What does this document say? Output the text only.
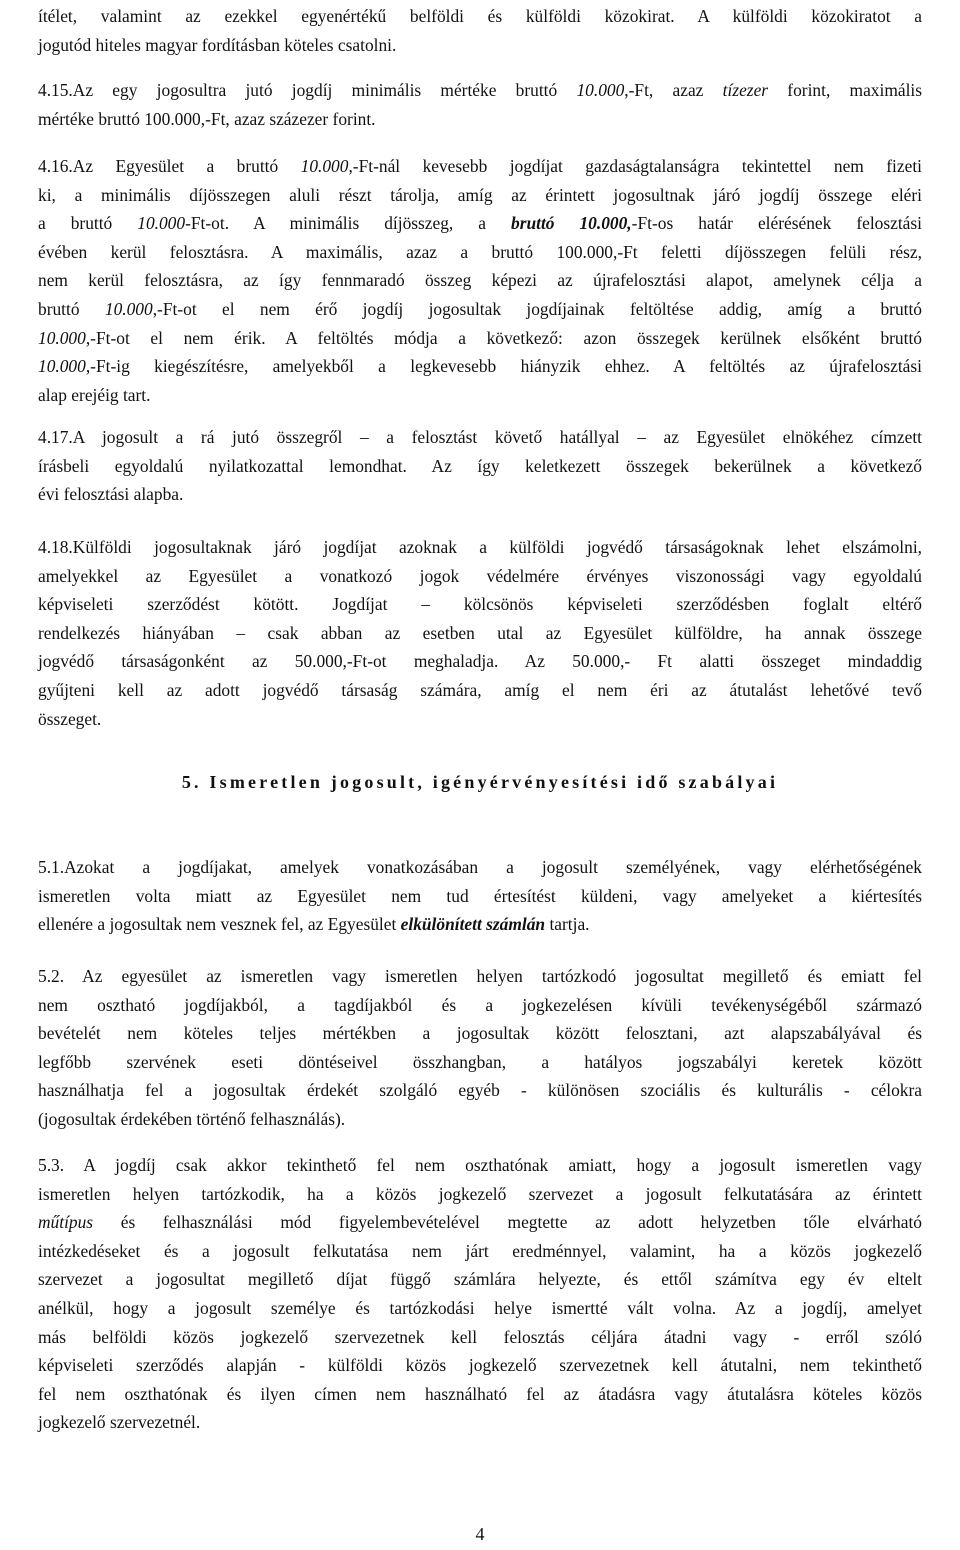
ítélet, valamint az ezekkel egyenértékű belföldi és külföldi közokirat. A külföldi közokiratot a
jogutód hiteles magyar fordításban köteles csatolni.
4.15.Az egy jogosultra jutó jogdíj minimális mértéke bruttó 10.000,-Ft, azaz tízezer forint, maximális
mértéke bruttó 100.000,-Ft, azaz százezer forint.
4.16.Az Egyesület a bruttó 10.000,-Ft-nál kevesebb jogdíjat gazdaságtalanságra tekintettel nem fizeti
ki, a minimális díjösszegen aluli részt tárolja, amíg az érintett jogosultnak járó jogdíj összege eléri
a bruttó 10.000-Ft-ot. A minimális díjösszeg, a bruttó 10.000,-Ft-os határ elérésének felosztási
évében kerül felosztásra. A maximális, azaz a bruttó 100.000,-Ft feletti díjösszegen felüli rész,
nem kerül felosztásra, az így fennmaradó összeg képezi az újrafelosztási alapot, amelynek célja a
bruttó 10.000,-Ft-ot el nem érő jogdíj jogosultak jogdíjainak feltöltése addig, amíg a bruttó
10.000,-Ft-ot el nem érik. A feltöltés módja a következő: azon összegek kerülnek elsőként bruttó
10.000,-Ft-ig kiegészítésre, amelyekből a legkevesebb hiányzik ehhez. A feltöltés az újrafelosztási
alap erejéig tart.
4.17.A jogosult a rá jutó összegről – a felosztást követő hatállyal – az Egyesület elnökéhez címzett
írásbeli egyoldalú nyilatkozattal lemondhat. Az így keletkezett összegek bekerülnek a következő
évi felosztási alapba.
4.18.Külföldi jogosultaknak járó jogdíjat azoknak a külföldi jogvédő társaságoknak lehet elszámolni,
amelyekkel az Egyesület a vonatkozó jogok védelmére érvényes viszonossági vagy egyoldalú
képviseleti szerződést kötött. Jogdíjat – kölcsönös képviseleti szerződésben foglalt eltérő
rendelkezés hiányában – csak abban az esetben utal az Egyesület külföldre, ha annak összege
jogvédő társaságonként az 50.000,-Ft-ot meghaladja. Az 50.000,- Ft alatti összeget mindaddig
gyűjteni kell az adott jogvédő társaság számára, amíg el nem éri az átutalást lehetővé tevő
összeget.
5. Ismeretlen jogosult, igényérvényesítési idő szabályai
5.1.Azokat a jogdíjakat, amelyek vonatkozásában a jogosult személyének, vagy elérhetőségének
ismeretlen volta miatt az Egyesület nem tud értesítést küldeni, vagy amelyeket a kiértesítés
ellenére a jogosultak nem vesznek fel, az Egyesület elkülönített számlán tartja.
5.2. Az egyesület az ismeretlen vagy ismeretlen helyen tartózkodó jogosultat megillető és emiatt fel
nem osztható jogdíjakból, a tagdíjakból és a jogkezelésen kívüli tevékenységéből származó
bevételét nem köteles teljes mértékben a jogosultak között felosztani, azt alapszabályával és
legfőbb szervének eseti döntéseivel összhangban, a hatályos jogszabályi keretek között
használhatja fel a jogosultak érdekét szolgáló egyéb - különösen szociális és kulturális - célokra
(jogosultak érdekében történő felhasználás).
5.3. A jogdíj csak akkor tekinthető fel nem oszthatónak amiatt, hogy a jogosult ismeretlen vagy
ismeretlen helyen tartózkodik, ha a közös jogkezelő szervezet a jogosult felkutatására az érintett
műtípus és felhasználási mód figyelembevételével megtette az adott helyzetben tőle elvárható
intézkedéseket és a jogosult felkutatása nem járt eredménnyel, valamint, ha a közös jogkezelő
szervezet a jogosultat megillető díjat függő számlára helyezte, és ettől számítva egy év eltelt
anélkül, hogy a jogosult személye és tartózkodási helye ismertté vált volna. Az a jogdíj, amelyet
más belföldi közös jogkezelő szervezetnek kell felosztás céljára átadni vagy - erről szóló
képviseleti szerződés alapján - külföldi közös jogkezelő szervezetnek kell átutalni, nem tekinthető
fel nem oszthatónak és ilyen címen nem használható fel az átadásra vagy átutalásra köteles közös
jogkezelő szervezetnél.
4
